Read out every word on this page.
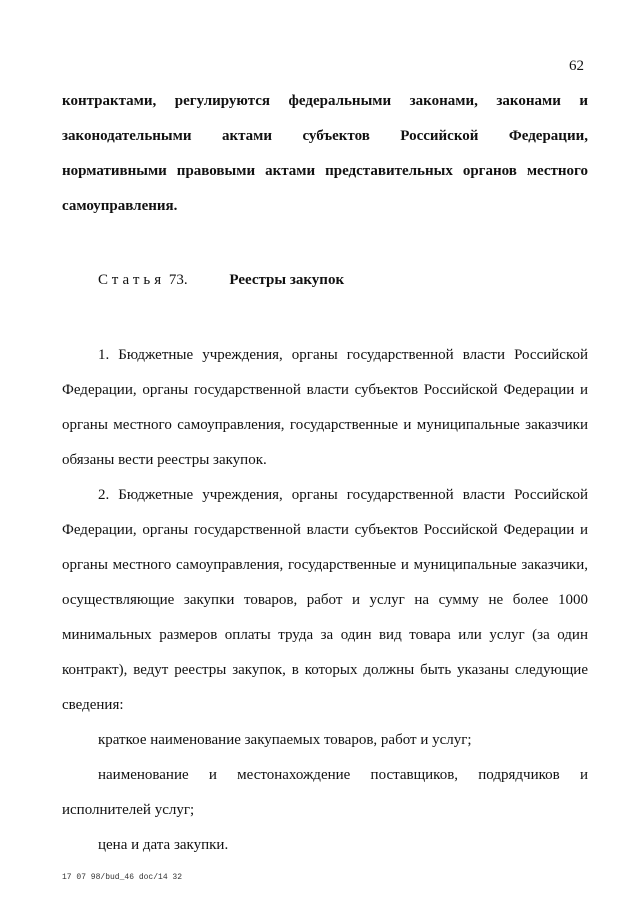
62

контрактами, регулируются федеральными законами, законами и

законодательными актами субъектов Российской Федерации, нормативными правовыми актами представительных органов местного самоуправления.

Статья 73.	Реестры закупок

1. Бюджетные учреждения, органы государственной власти Российской Федерации, органы государственной власти субъектов Российской Федерации и органы местного самоуправления, государственные и муниципальные заказчики обязаны вести реестры закупок.

2. Бюджетные учреждения, органы государственной власти Российской Федерации, органы государственной власти субъектов Российской Федерации и органы местного самоуправления, государственные и муниципальные заказчики, осуществляющие закупки товаров, работ и услуг на сумму не более 1000 минимальных размеров оплаты труда за один вид товара или услуг (за один контракт), ведут реестры закупок, в которых должны быть указаны следующие сведения:

краткое наименование закупаемых товаров, работ и услуг;

наименование и местонахождение поставщиков, подрядчиков и исполнителей услуг;

цена и дата закупки.

17 07 98/bud_46 doc/14 32
